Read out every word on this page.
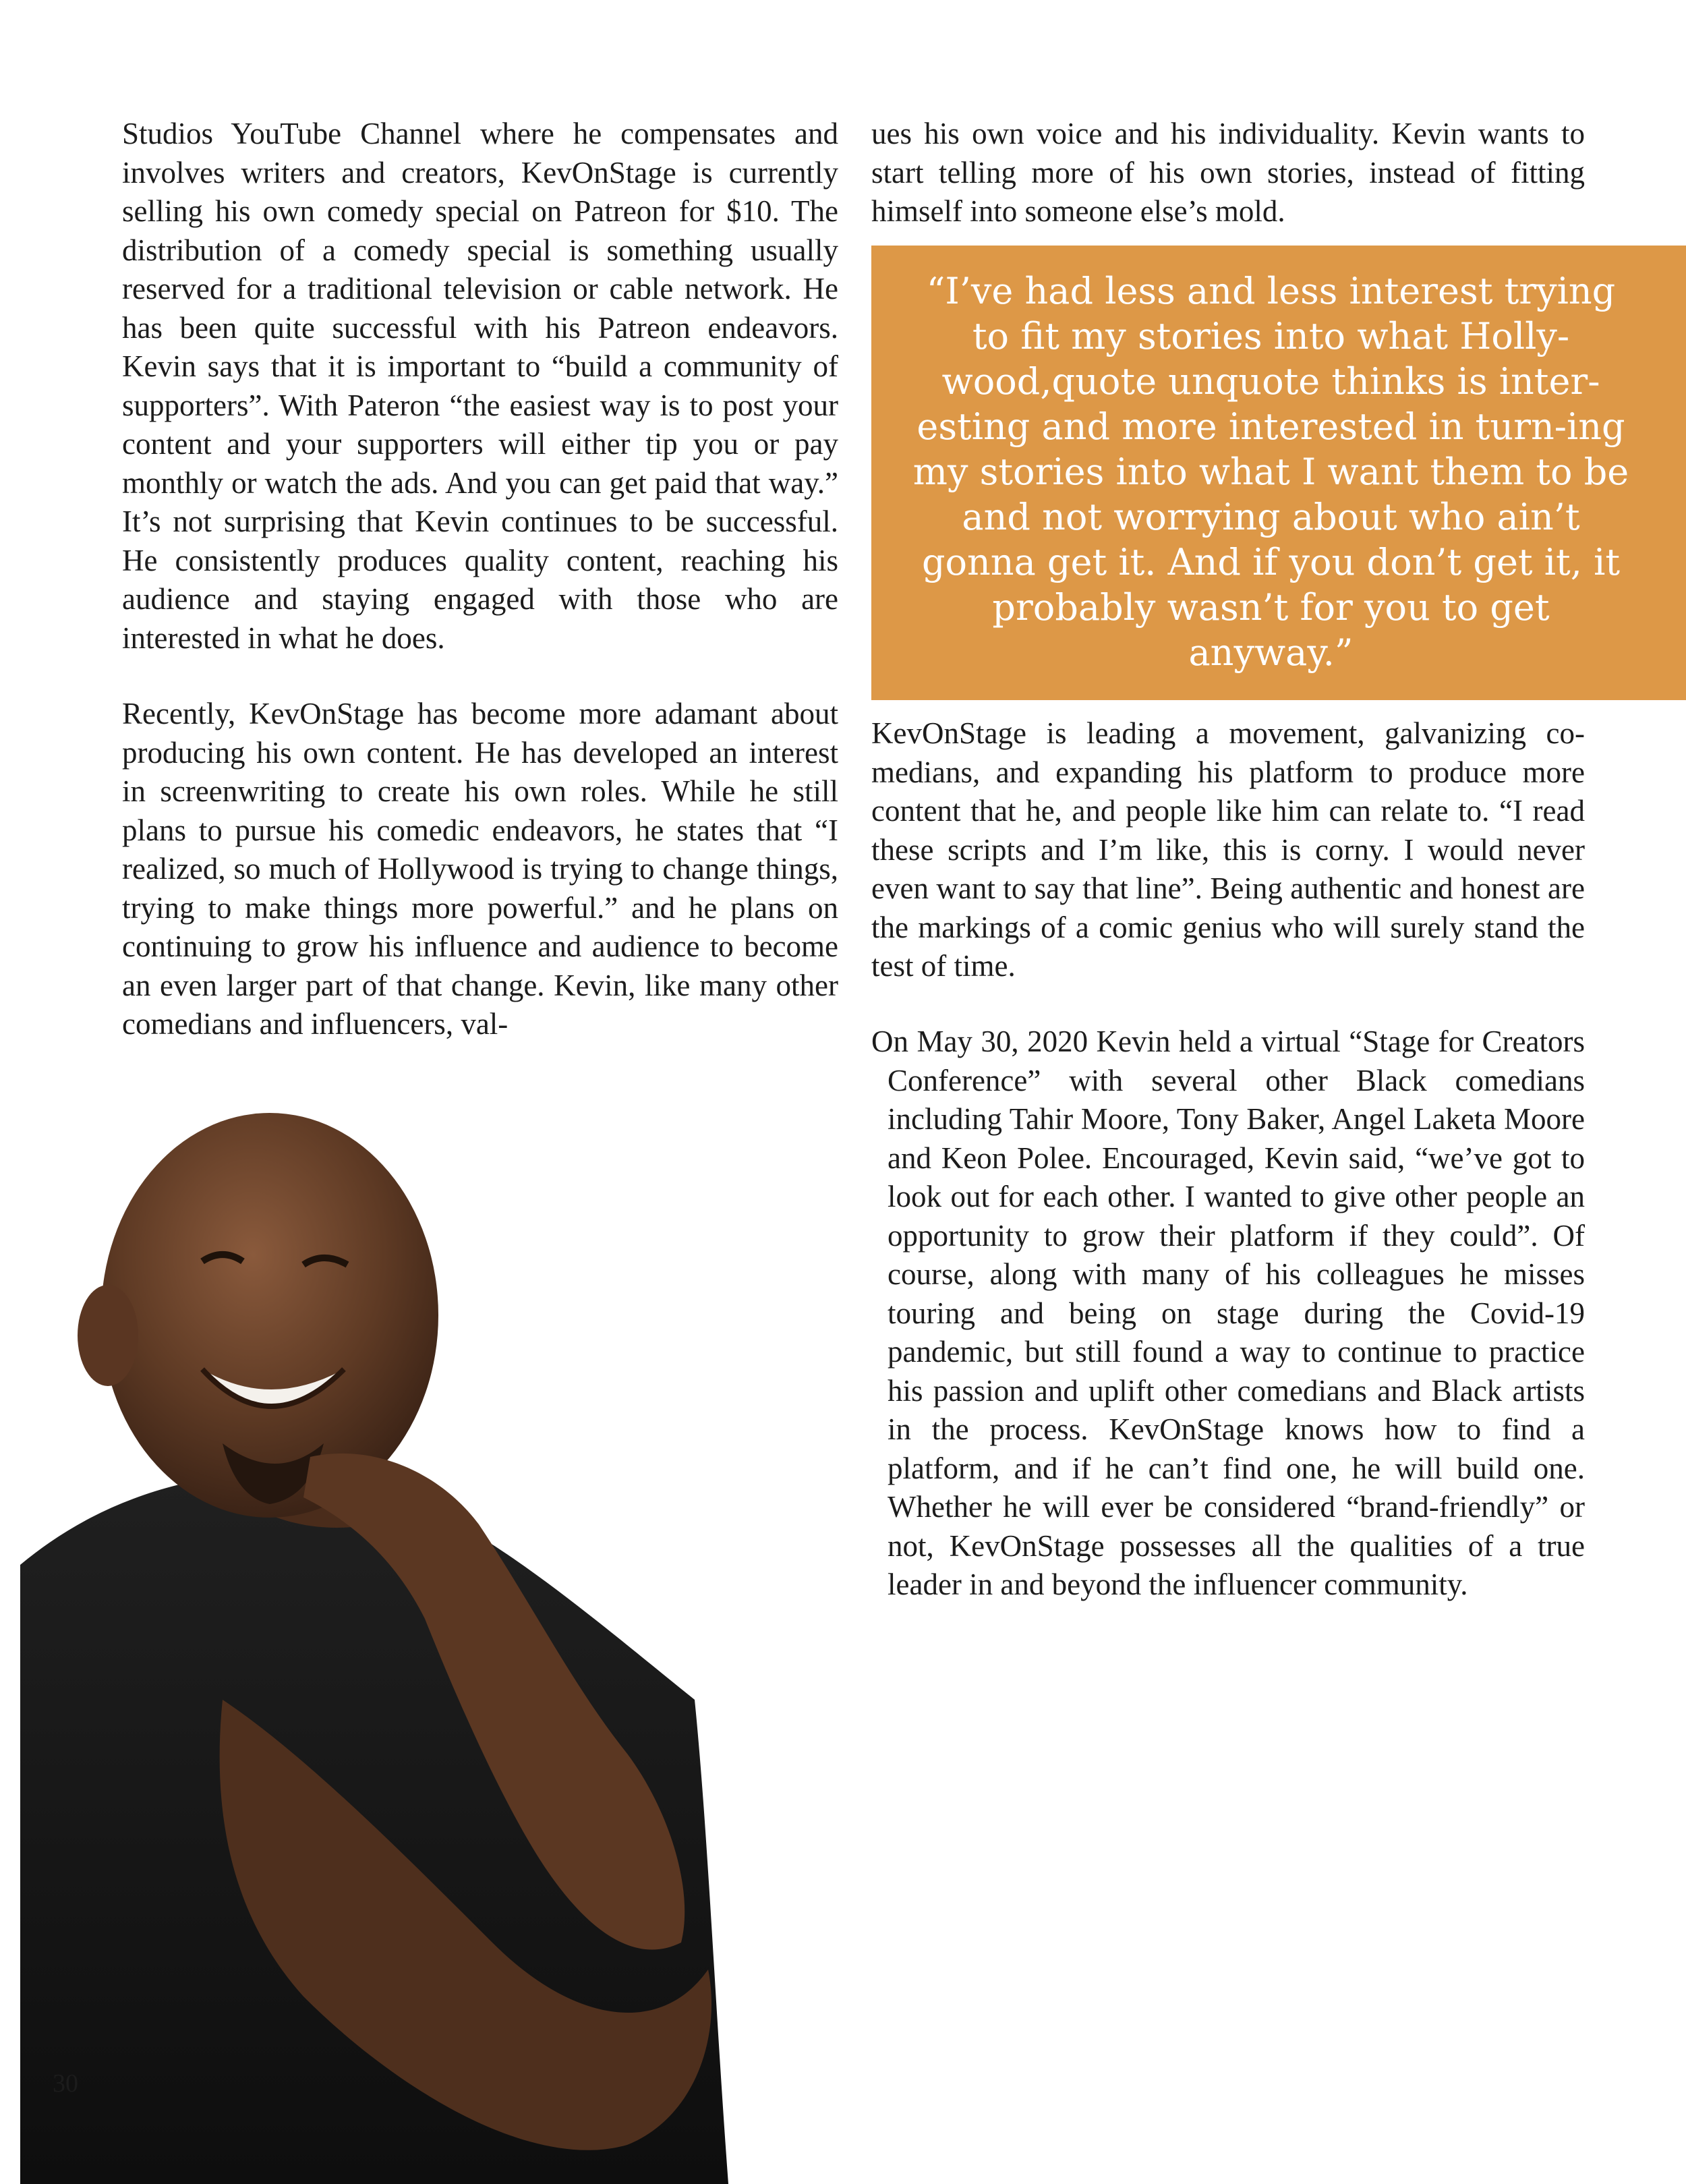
Studios YouTube Channel where he compensates and involves writers and creators, KevOnStage is currently selling his own comedy special on Patreon for $10. The distribution of a comedy special is something usually reserved for a traditional television or cable network. He has been quite successful with his Patreon endeavors. Kevin says that it is important to “build a community of supporters”. With Pateron “the easiest way is to post your content and your supporters will either tip you or pay monthly or watch the ads. And you can get paid that way.” It’s not surprising that Kevin continues to be successful. He consistently produces quality content, reaching his audience and staying engaged with those who are interested in what he does.

Recently, KevOnStage has become more adamant about producing his own content. He has developed an interest in screenwriting to create his own roles. While he still plans to pursue his comedic endeavors, he states that “I realized, so much of Hollywood is trying to change things, trying to make things more powerful.” and he plans on continuing to grow his influence and audience to become an even larger part of that change. Kevin, like many other comedians and influencers, val-

ues his own voice and his individuality. Kevin wants to start telling more of his own stories, instead of fitting himself into someone else’s mold.

“I’ve had less and less interest trying to fit my stories into what Holly-wood,quote unquote thinks is inter-esting and more interested in turn-ing my stories into what I want them to be and not worrying about who ain’t gonna get it. And if you don’t get it, it probably wasn’t for you to get anyway.”

KevOnStage is leading a movement, galvanizing comedians, and expanding his platform to produce more content that he, and people like him can relate to. “I read these scripts and I’m like, this is corny. I would never even want to say that line”. Being authentic and honest are the markings of a comic genius who will surely stand the test of time.

On May 30, 2020 Kevin held a virtual “Stage for Creators Conference” with several other Black comedians including Tahir Moore, Tony Baker, Angel Laketa Moore and Keon Polee. Encouraged, Kevin said, “we’ve got to look out for each other. I wanted to give other people an opportunity to grow their platform if they could”. Of course, along with many of his colleagues he misses touring and being on stage during the Covid-19 pandemic, but still found a way to continue to practice his passion and uplift other comedians and Black artists in the process. KevOnStage knows how to find a platform, and if he can’t find one, he will build one. Whether he will ever be considered “brand-friendly” or not, KevOnStage possesses all the qualities of a true leader in and beyond the influencer community.

30
